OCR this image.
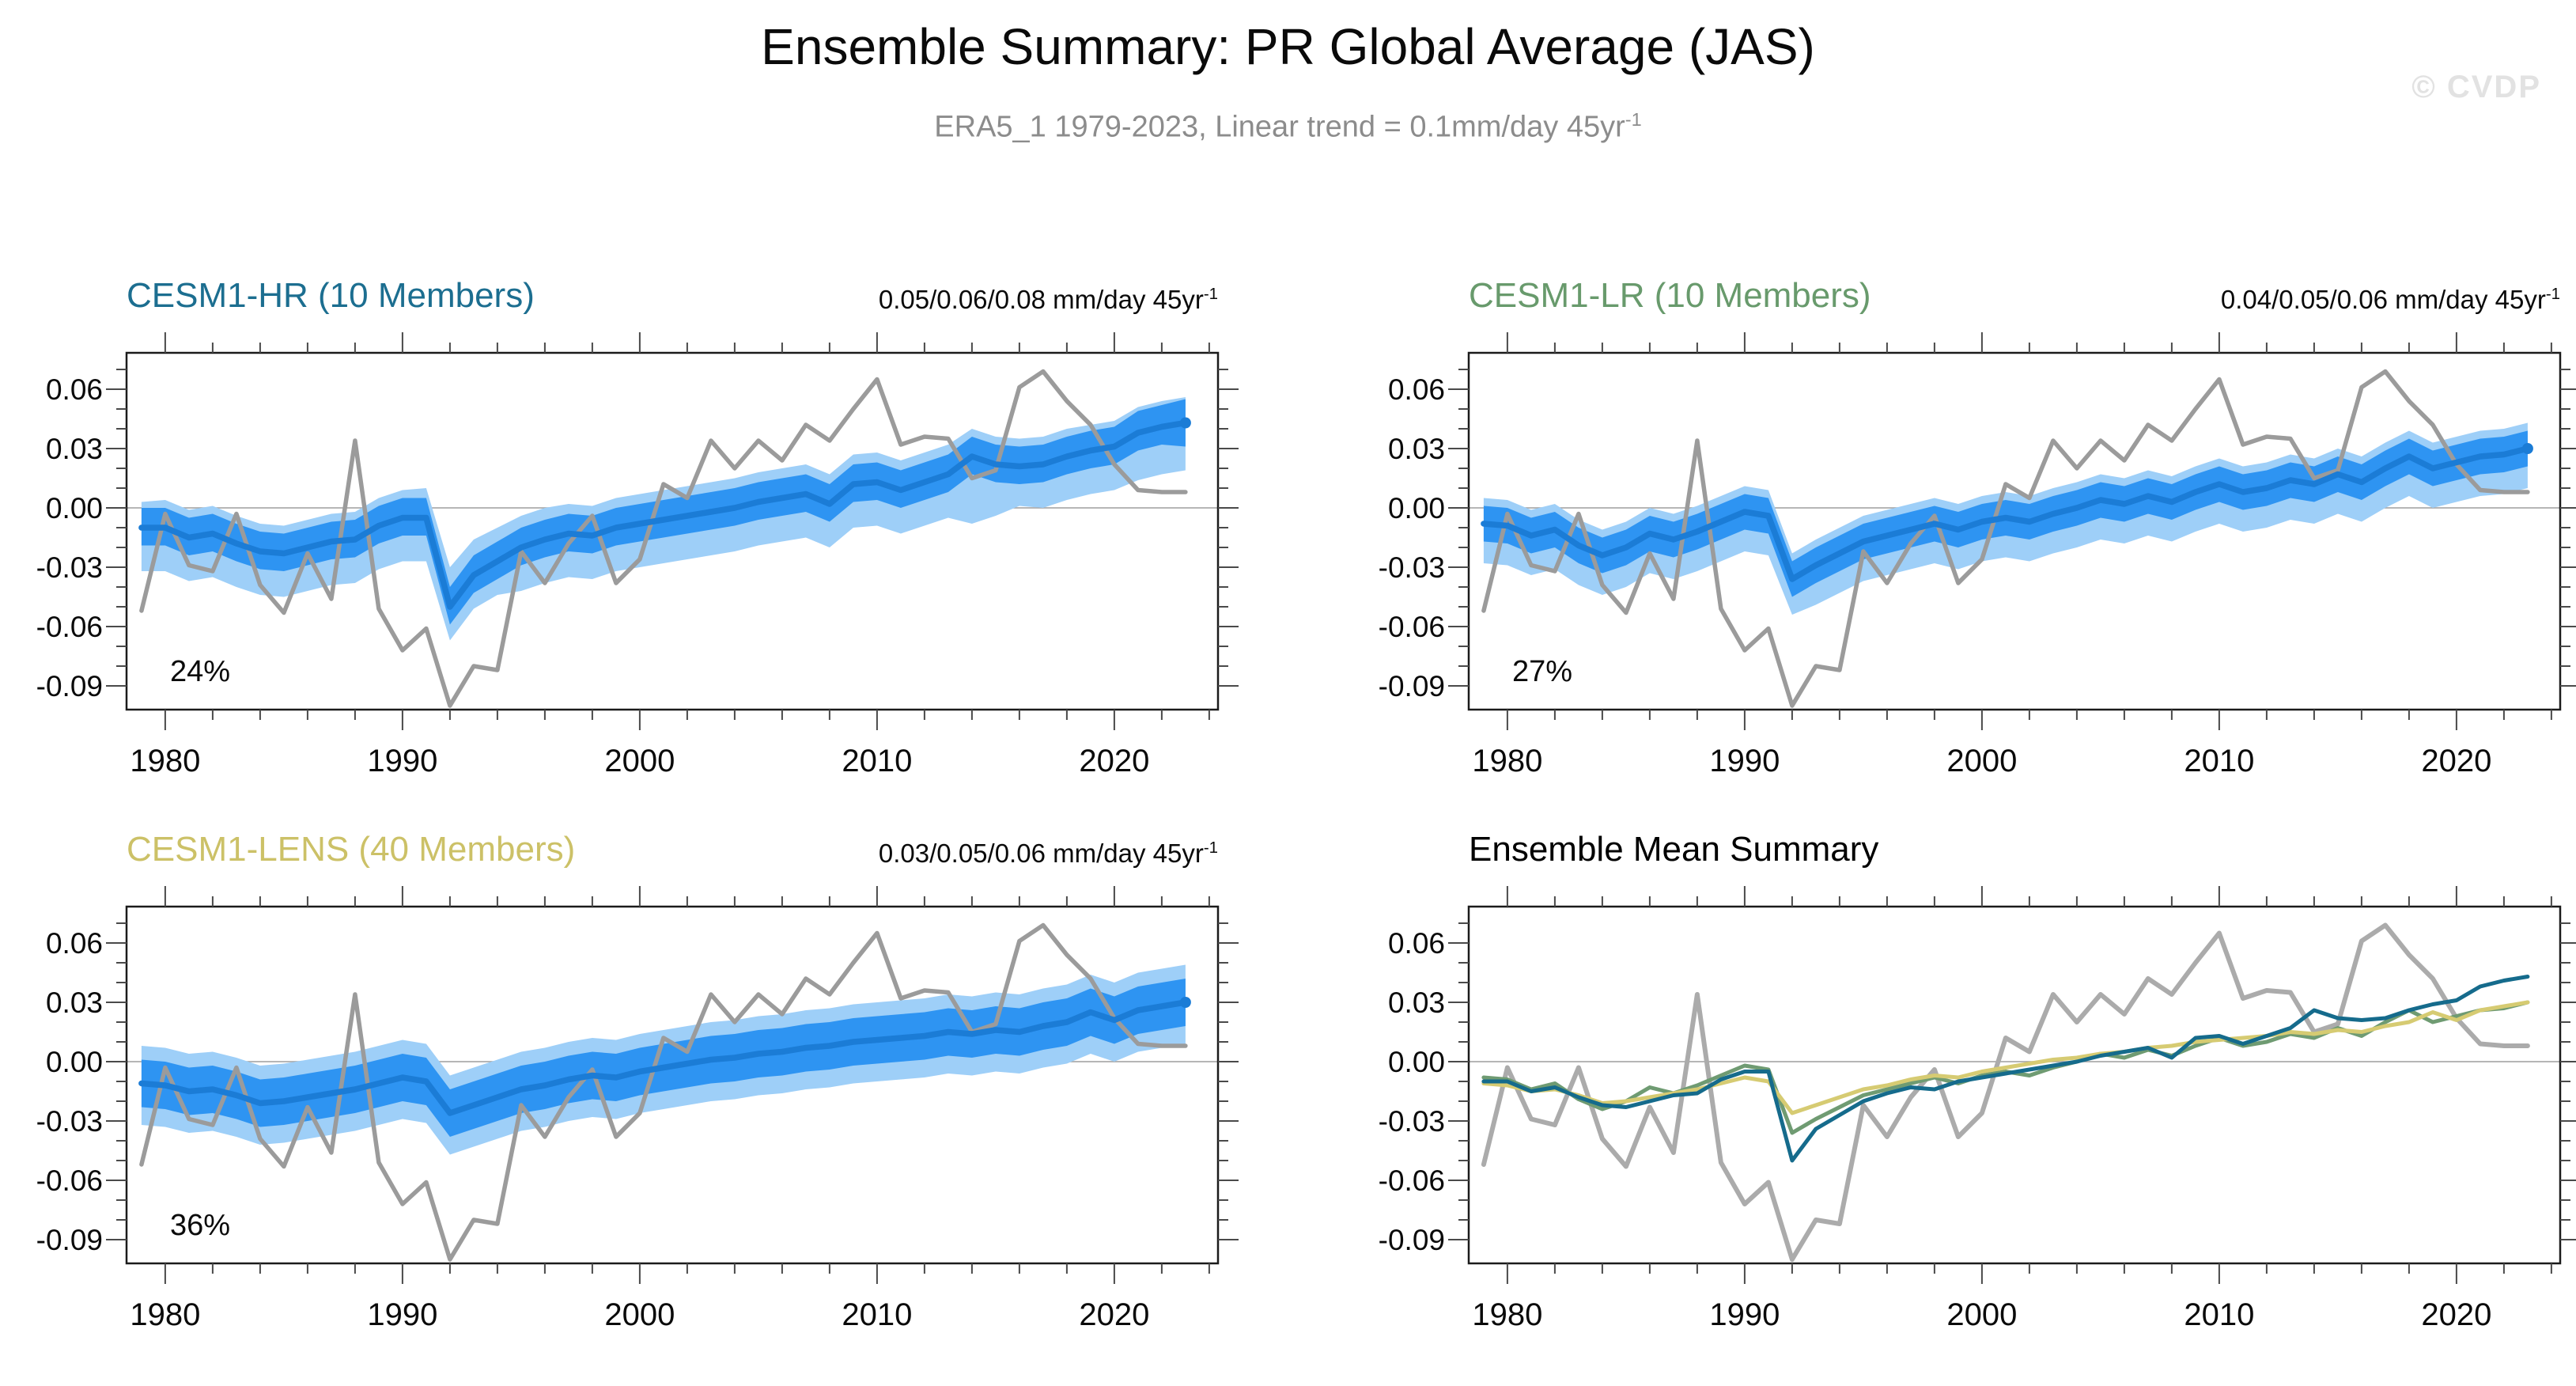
0.06
0.03
0.00
-0.03
-0.06
-0.09
1980	1990	2000	2010	2020
0.06
0.03
0.00
-0.03
-0.06
-0.09
1980	1990	2000	2010	2020
0.06
0.03
0.00
-0.03
-0.06
-0.09
1980	1990	2000	2010	2020
0.06
0.03
0.00
-0.03
-0.06
-0.09
1980	1990	2000	2010	2020
Ensemble Summary: PR Global Average (JAS)
ERA5_1 1979-2023, Linear trend = 0.1mm/day $45yr^{-1}$
© CVDP
CESM1-HR (10 Members)	CESM1-LR (10 Members)
CESM1-LENS (40 Members)	Ensemble Mean Summary
0.05/0.06/0.08 mm/day $45yr^{-1}$	0.04/0.05/0.06 mm/day $45yr^{-1}$
0.03/0.05/0.06 mm/day $45yr^{-1}$
24%	27%
36%
